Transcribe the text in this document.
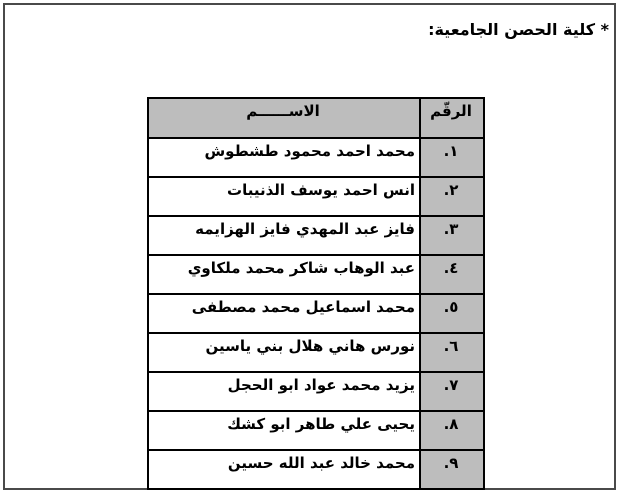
* كلية الحصن الجامعية:
الرقّم	الاســــــم
١.	محمد احمد محمود طشطوش
٢.	انس احمد يوسف الذنيبات
٣.	فايز عبد المهدي فايز الهزايمه
٤.	عبد الوهاب شاكر محمد ملكاوي
٥.	محمد اسماعيل محمد مصطفى
٦.	نورس هاني هلال بني ياسين
٧.	يزيد محمد عواد ابو الحجل
٨.	يحيى علي طاهر ابو كشك
٩.	محمد خالد عبد الله حسين
